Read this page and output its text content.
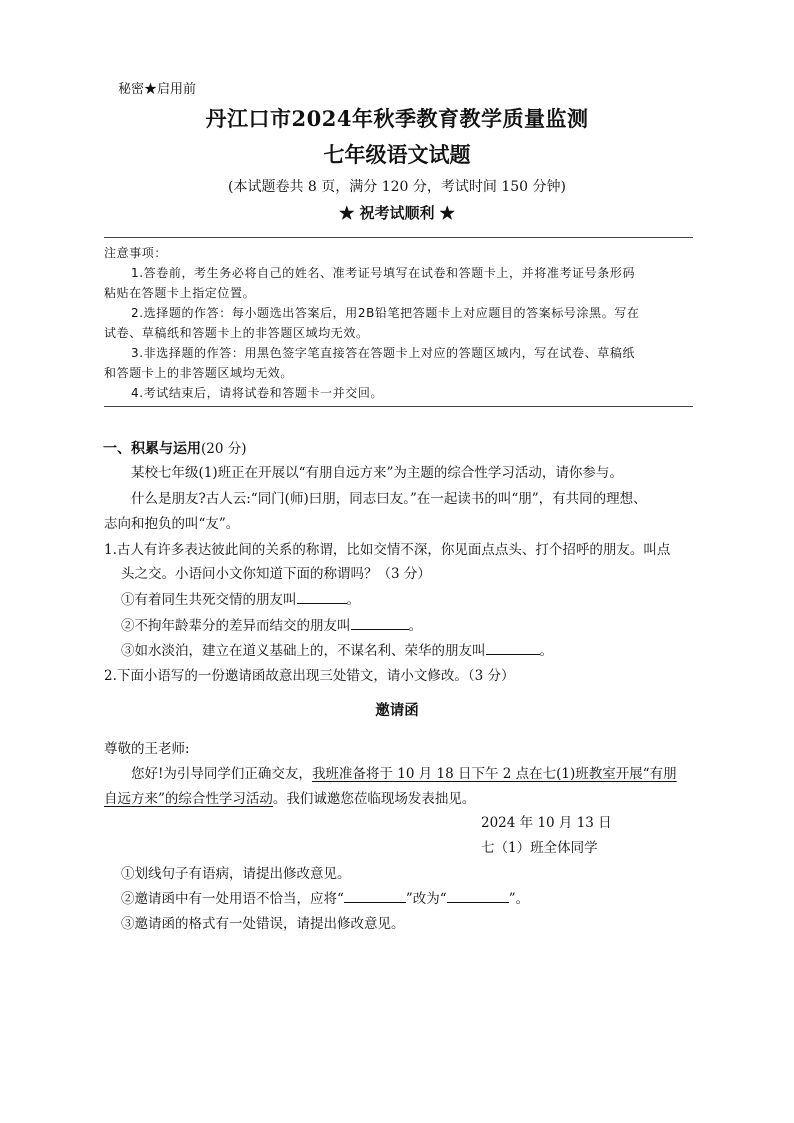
秘密★启用前
丹江口市2024年秋季教育教学质量监测
七年级语文试题
(本试题卷共 8 页，满分 120 分，考试时间 150 分钟)
★ 祝考试顺利 ★
注意事项：
1.答卷前，考生务必将自己的姓名、准考证号填写在试卷和答题卡上，并将准考证号条形码
粘贴在答题卡上指定位置。
2.选择题的作答：每小题选出答案后，用2B铅笔把答题卡上对应题目的答案标号涂黑。写在
试卷、草稿纸和答题卡上的非答题区域均无效。
3.非选择题的作答：用黑色签字笔直接答在答题卡上对应的答题区域内，写在试卷、草稿纸
和答题卡上的非答题区域均无效。
4.考试结束后，请将试卷和答题卡一并交回。
一、积累与运用(20 分)
某校七年级(1)班正在开展以“有朋自远方来”为主题的综合性学习活动，请你参与。
什么是朋友?古人云:“同门(师)曰朋，同志曰友。”在一起读书的叫“朋”，有共同的理想、
志向和抱负的叫“友”。
1.古人有许多表达彼此间的关系的称谓，比如交情不深，你见面点点头、打个招呼的朋友。叫点
头之交。小语问小文你知道下面的称谓吗？（3 分）
①有着同生共死交情的朋友叫	。
②不拘年龄辈分的差异而结交的朋友叫	。
③如水淡泊，建立在道义基础上的，不谋名利、荣华的朋友叫	。
2.下面小语写的一份邀请函故意出现三处错文，请小文修改。（3 分）
邀请函
尊敬的王老师:
您好!为引导同学们正确交友，我班准备将于 10 月 18 日下午 2 点在七(1)班教室开展“有朋
自远方来”的综合性学习活动。我们诚邀您莅临现场发表拙见。
2024 年 10 月 13 日
七（1）班全体同学
①划线句子有语病，请提出修改意见。
②邀请函中有一处用语不恰当，应将“	”改为“	”。
③邀请函的格式有一处错误，请提出修改意见。
